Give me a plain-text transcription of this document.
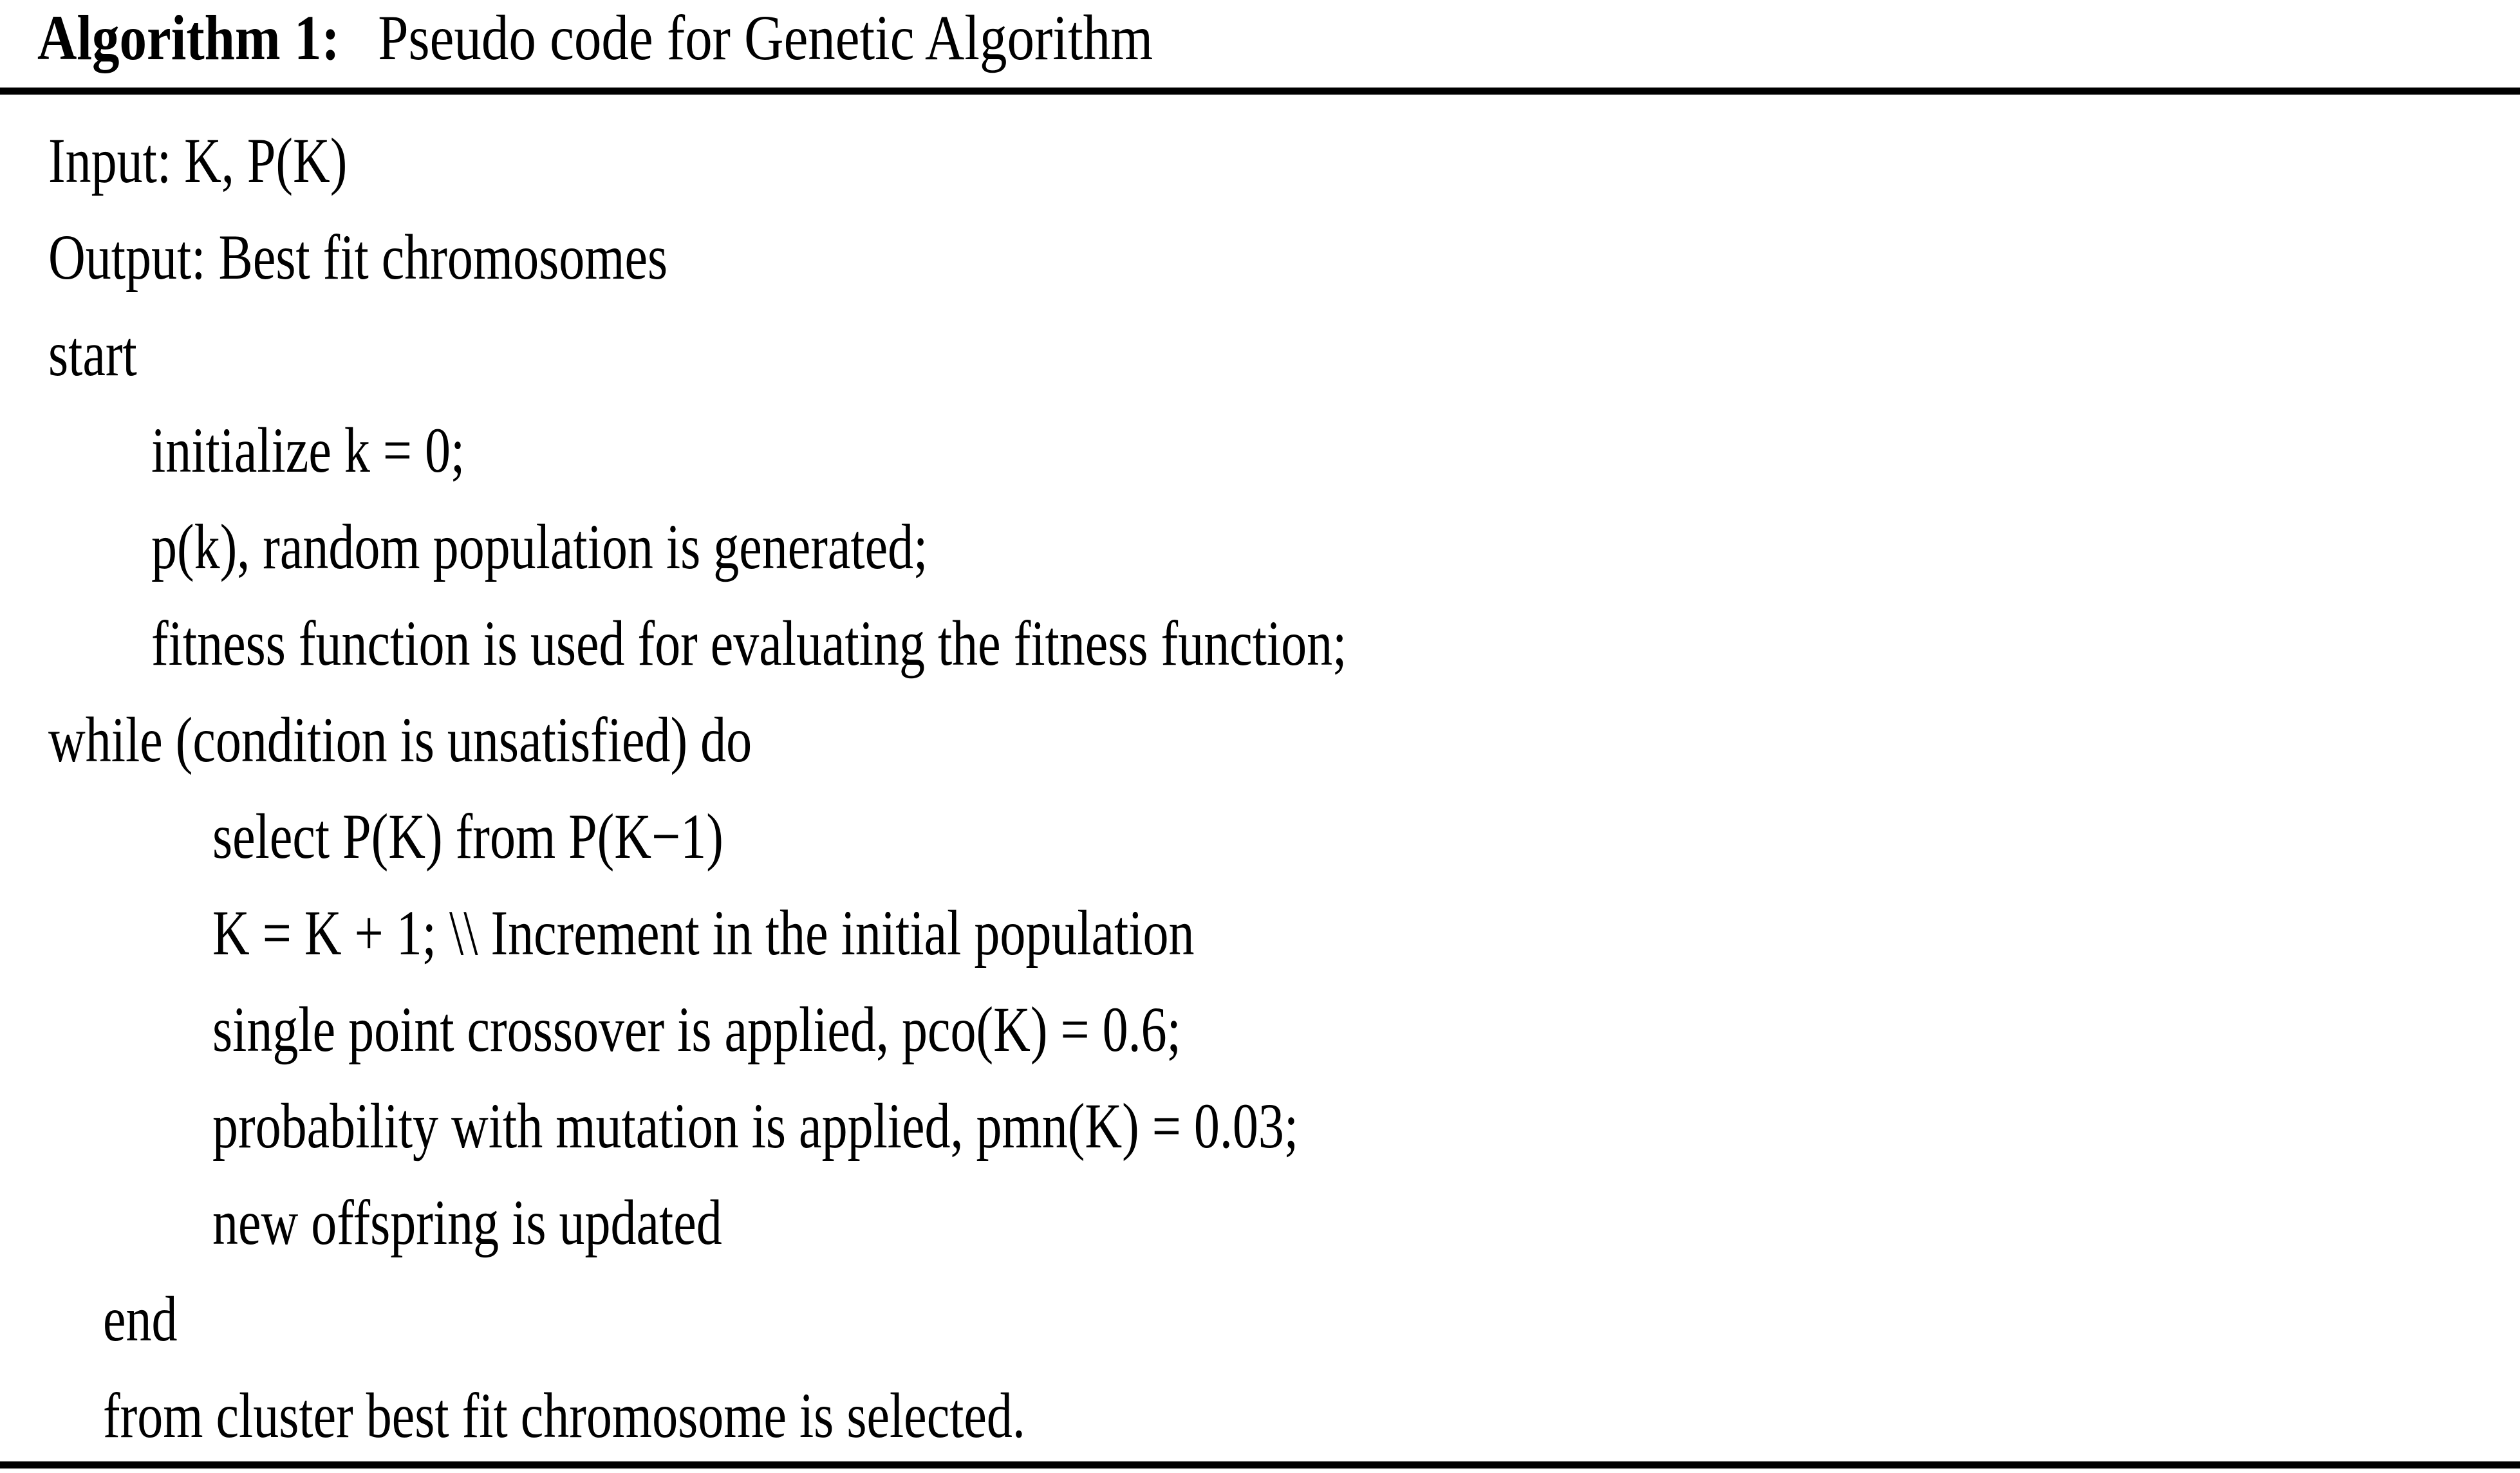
Algorithm 1: Pseudo code for Genetic Algorithm
Input: K, P(K)
Output: Best fit chromosomes
start
initialize k = 0;
p(k), random population is generated;
fitness function is used for evaluating the fitness function;
while (condition is unsatisfied) do
select P(K) from P(K−1)
K = K + 1; \\ Increment in the initial population
single point crossover is applied, pco(K) = 0.6;
probability with mutation is applied, pmn(K) = 0.03;
new offspring is updated
end
from cluster best fit chromosome is selected.
